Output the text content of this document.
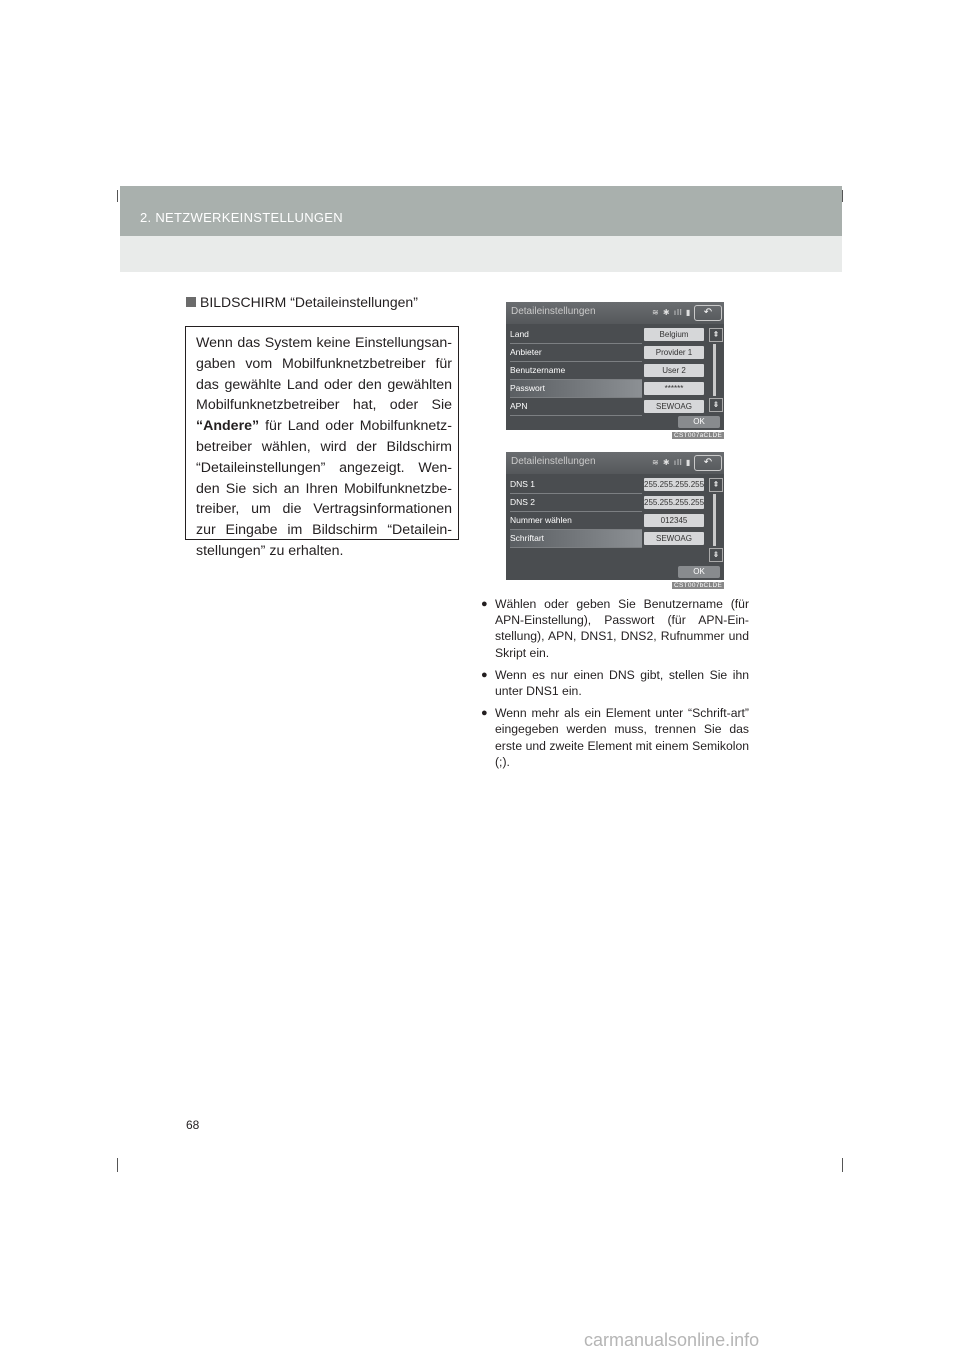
2. NETZWERKEINSTELLUNGEN
BILDSCHIRM “Detaileinstellungen”
Wenn das System keine Einstellungsan-gaben vom Mobilfunknetzbetreiber für das gewählte Land oder den gewählten Mobilfunknetzbetreiber hat, oder Sie “Andere” für Land oder Mobilfunknetz-betreiber wählen, wird der Bildschirm “Detaileinstellungen” angezeigt. Wen-den Sie sich an Ihren Mobilfunknetzbe-treiber, um die Vertragsinformationen zur Eingabe im Bildschirm “Detailein-stellungen” zu erhalten.
Detaileinstellungen	≋ ✱ ıll ▮	↶
Land	Belgium
Anbieter	Provider 1
Benutzername	User 2
Passwort	******
APN	SEWOAG
⇞
⇟
OK
CST007aCLDE
Detaileinstellungen	≋ ✱ ıll ▮	↶
DNS 1	255.255.255.255
DNS 2	255.255.255.255
Nummer wählen	012345
Schriftart	SEWOAG
⇞
⇟
OK
CST007bCLDE
● Wählen oder geben Sie Benutzername (für APN-Einstellung), Passwort (für APN-Ein-stellung), APN, DNS1, DNS2, Rufnummer und Skript ein.
● Wenn es nur einen DNS gibt, stellen Sie ihn unter DNS1 ein.
● Wenn mehr als ein Element unter “Schrift-art” eingegeben werden muss, trennen Sie das erste und zweite Element mit einem Semikolon (;).
68
carmanualsonline.info
